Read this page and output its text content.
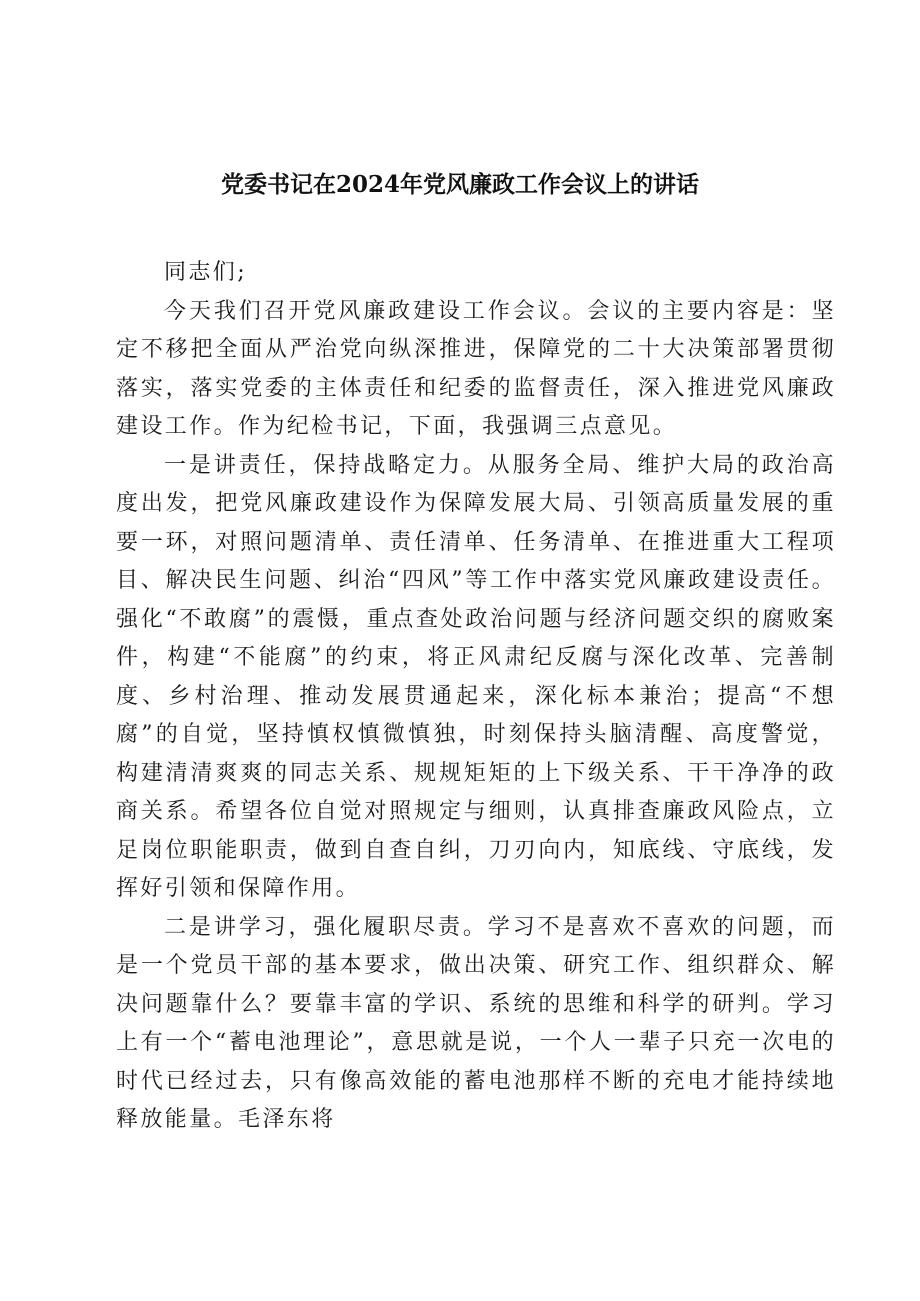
党委书记在2024年党风廉政工作会议上的讲话

同志们;

今天我们召开党风廉政建设工作会议。会议的主要内容是：坚定不移把全面从严治党向纵深推进，保障党的二十大决策部署贯彻落实，落实党委的主体责任和纪委的监督责任，深入推进党风廉政建设工作。作为纪检书记，下面，我强调三点意见。

一是讲责任，保持战略定力。从服务全局、维护大局的政治高度出发，把党风廉政建设作为保障发展大局、引领高质量发展的重要一环，对照问题清单、责任清单、任务清单、在推进重大工程项目、解决民生问题、纠治“四风”等工作中落实党风廉政建设责任。强化“不敢腐”的震慑，重点查处政治问题与经济问题交织的腐败案件，构建“不能腐”的约束，将正风肃纪反腐与深化改革、完善制度、乡村治理、推动发展贯通起来，深化标本兼治；提高“不想腐”的自觉，坚持慎权慎微慎独，时刻保持头脑清醒、高度警觉，构建清清爽爽的同志关系、规规矩矩的上下级关系、干干净净的政商关系。希望各位自觉对照规定与细则，认真排查廉政风险点，立足岗位职能职责，做到自查自纠，刀刃向内，知底线、守底线，发挥好引领和保障作用。

二是讲学习，强化履职尽责。学习不是喜欢不喜欢的问题，而是一个党员干部的基本要求，做出决策、研究工作、组织群众、解决问题靠什么？要靠丰富的学识、系统的思维和科学的研判。学习上有一个“蓄电池理论”，意思就是说，一个人一辈子只充一次电的时代已经过去，只有像高效能的蓄电池那样不断的充电才能持续地释放能量。毛泽东将
